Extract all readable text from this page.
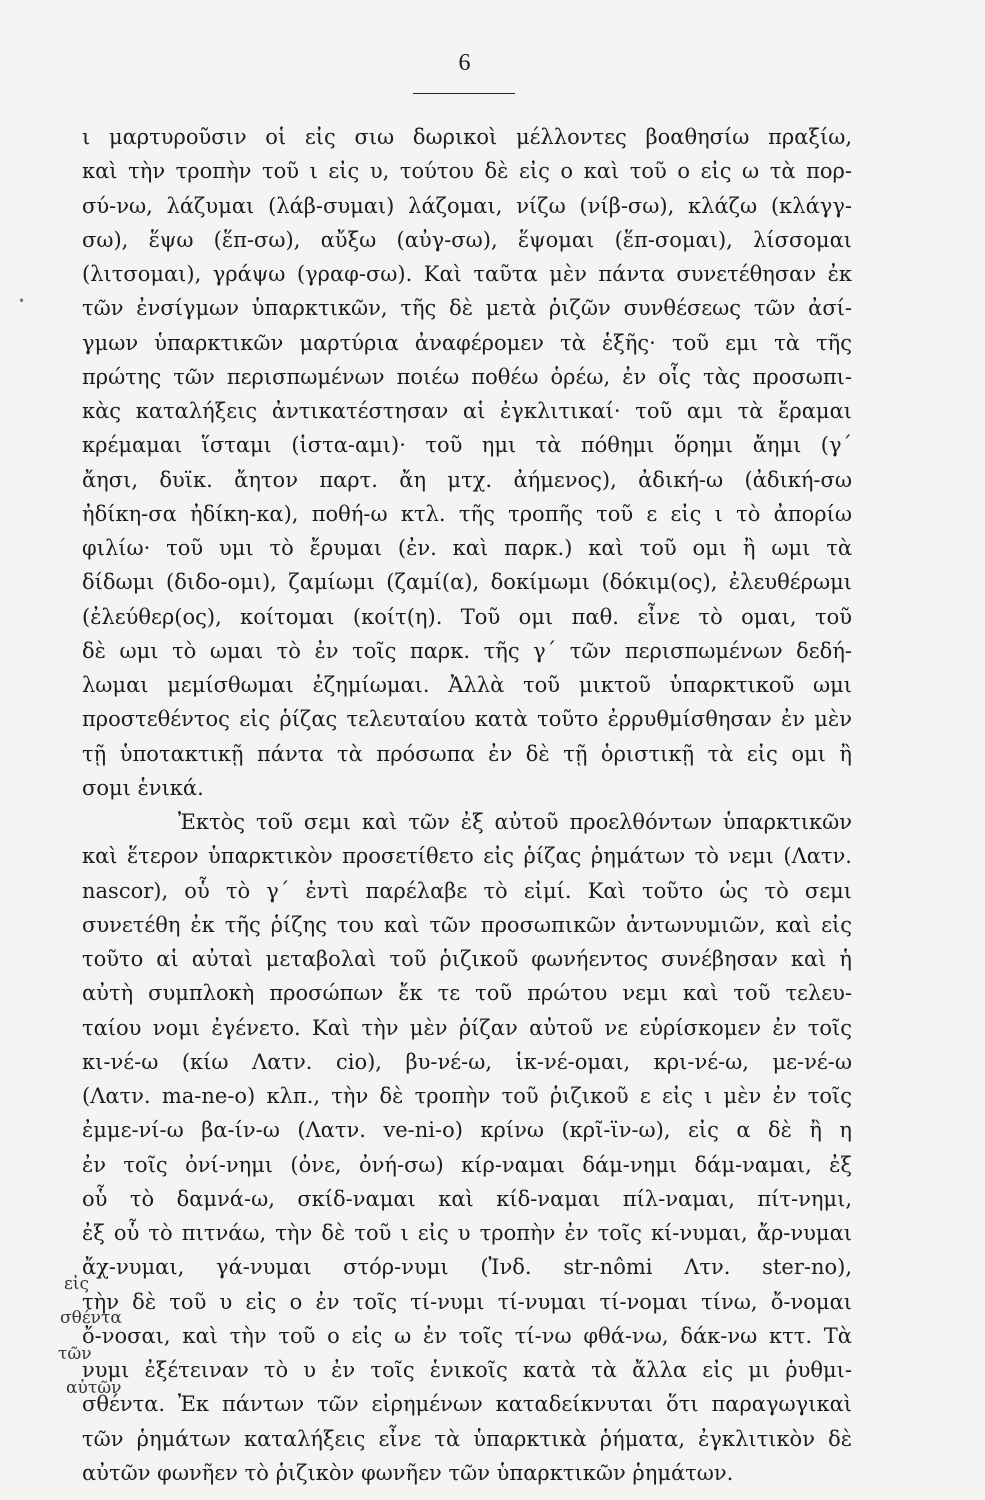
6
•
ι μαρτυροῦσιν οἱ εἰς σιω δωρικοὶ μέλλοντες βοαθησίω πραξίω,
καὶ τὴν τροπὴν τοῦ ι εἰς υ, τούτου δὲ εἰς ο καὶ τοῦ ο εἰς ω τὰ πορ-
σύ-νω, λάζυμαι (λάβ-συμαι) λάζομαι, νίζω (νίβ-σω), κλάζω (κλάγγ-
σω), ἕψω (ἕπ-σω), αὔξω (αὐγ-σω), ἕψομαι (ἕπ-σομαι), λίσσομαι
(λιτσομαι), γράψω (γραφ-σω). Καὶ ταῦτα μὲν πάντα συνετέθησαν ἐκ
τῶν ἐνσίγμων ὑπαρκτικῶν, τῆς δὲ μετὰ ῥιζῶν συνθέσεως τῶν ἀσί-
γμων ὑπαρκτικῶν μαρτύρια ἀναφέρομεν τὰ ἑξῆς· τοῦ εμι τὰ τῆς
πρώτης τῶν περισπωμένων ποιέω ποθέω ὁρέω, ἐν οἷς τὰς προσωπι-
κὰς καταλήξεις ἀντικατέστησαν αἱ ἐγκλιτικαί· τοῦ αμι τὰ ἔραμαι
κρέμαμαι ἵσταμι (ἱστα-αμι)· τοῦ ημι τὰ πόθημι ὅρημι ἄημι (γ΄
ἄησι, δυϊκ. ἄητον παρτ. ἄη μτχ. ἀήμενος), ἀδική-ω (ἀδική-σω
ἠδίκη-σα ἠδίκη-κα), ποθή-ω κτλ. τῆς τροπῆς τοῦ ε εἰς ι τὸ ἀπορίω
φιλίω· τοῦ υμι τὸ ἔρυμαι (ἐν. καὶ παρκ.) καὶ τοῦ ομι ἢ ωμι τὰ
δίδωμι (διδο-ομι), ζαμίωμι (ζαμί(α), δοκίμωμι (δόκιμ(ος), ἐλευθέρωμι
(ἐλεύθερ(ος), κοίτομαι (κοίτ(η). Τοῦ ομι παθ. εἶνε τὸ ομαι, τοῦ
δὲ ωμι τὸ ωμαι τὸ ἐν τοῖς παρκ. τῆς γ΄ τῶν περισπωμένων δεδή-
λωμαι μεμίσθωμαι ἐζημίωμαι. Ἀλλὰ τοῦ μικτοῦ ὑπαρκτικοῦ ωμι
προστεθέντος εἰς ῥίζας τελευταίου κατὰ τοῦτο ἐρρυθμίσθησαν ἐν μὲν
τῇ ὑποτακτικῇ πάντα τὰ πρόσωπα ἐν δὲ τῇ ὁριστικῇ τὰ εἰς ομι ἢ
σομι ἑνικά.
Ἐκτὸς τοῦ σεμι καὶ τῶν ἐξ αὐτοῦ προελθόντων ὑπαρκτικῶν
καὶ ἕτερον ὑπαρκτικὸν προσετίθετο εἰς ῥίζας ῥημάτων τὸ νεμι (Λατν.
nascor), οὗ τὸ γ΄ ἐντὶ παρέλαβε τὸ εἰμί. Καὶ τοῦτο ὡς τὸ σεμι
συνετέθη ἐκ τῆς ῥίζης του καὶ τῶν προσωπικῶν ἀντωνυμιῶν, καὶ εἰς
τοῦτο αἱ αὐταὶ μεταβολαὶ τοῦ ῥιζικοῦ φωνήεντος συνέβησαν καὶ ἡ
αὐτὴ συμπλοκὴ προσώπων ἔκ τε τοῦ πρώτου νεμι καὶ τοῦ τελευ-
ταίου νομι ἐγένετο. Καὶ τὴν μὲν ῥίζαν αὐτοῦ νε εὑρίσκομεν ἐν τοῖς
κι-νέ-ω (κίω Λατν. cio), βυ-νέ-ω, ἱκ-νέ-ομαι, κρι-νέ-ω, με-νέ-ω
(Λατν. ma-ne-o) κλπ., τὴν δὲ τροπὴν τοῦ ῥιζικοῦ ε εἰς ι μὲν ἐν τοῖς
ἐμμε-νί-ω βα-ίν-ω (Λατν. ve-ni-o) κρίνω (κρῖ-ϊν-ω), εἰς α δὲ ἢ η
ἐν τοῖς ὀνί-νημι (ὀνε, ὀνή-σω) κίρ-ναμαι δάμ-νημι δάμ-ναμαι, ἐξ
οὗ τὸ δαμνά-ω, σκίδ-ναμαι καὶ κίδ-ναμαι πίλ-ναμαι, πίτ-νημι,
ἐξ οὗ τὸ πιτνάω, τὴν δὲ τοῦ ι εἰς υ τροπὴν ἐν τοῖς κί-νυμαι, ἄρ-νυμαι
ἄχ-νυμαι, γά-νυμαι στόρ-νυμι (Ἰνδ. str-nômi Λτν. ster-no),
τὴν δὲ τοῦ υ εἰς ο ἐν τοῖς τί-νυμι τί-νυμαι τί-νομαι τίνω, ὄ-νομαι
ὄ-νοσαι, καὶ τὴν τοῦ ο εἰς ω ἐν τοῖς τί-νω φθά-νω, δάκ-νω κττ. Τὰ
νυμι ἐξέτειναν τὸ υ ἐν τοῖς ἑνικοῖς κατὰ τὰ ἄλλα εἰς μι ῥυθμι-
σθέντα. Ἐκ πάντων τῶν εἰρημένων καταδείκνυται ὅτι παραγωγικαὶ
τῶν ῥημάτων καταλήξεις εἶνε τὰ ὑπαρκτικὰ ῥήματα, ἐγκλιτικὸν δὲ
αὐτῶν φωνῆεν τὸ ῥιζικὸν φωνῆεν τῶν ὑπαρκτικῶν ῥημάτων.
εἰς
σθέντα
τῶν
αὐτῶν
